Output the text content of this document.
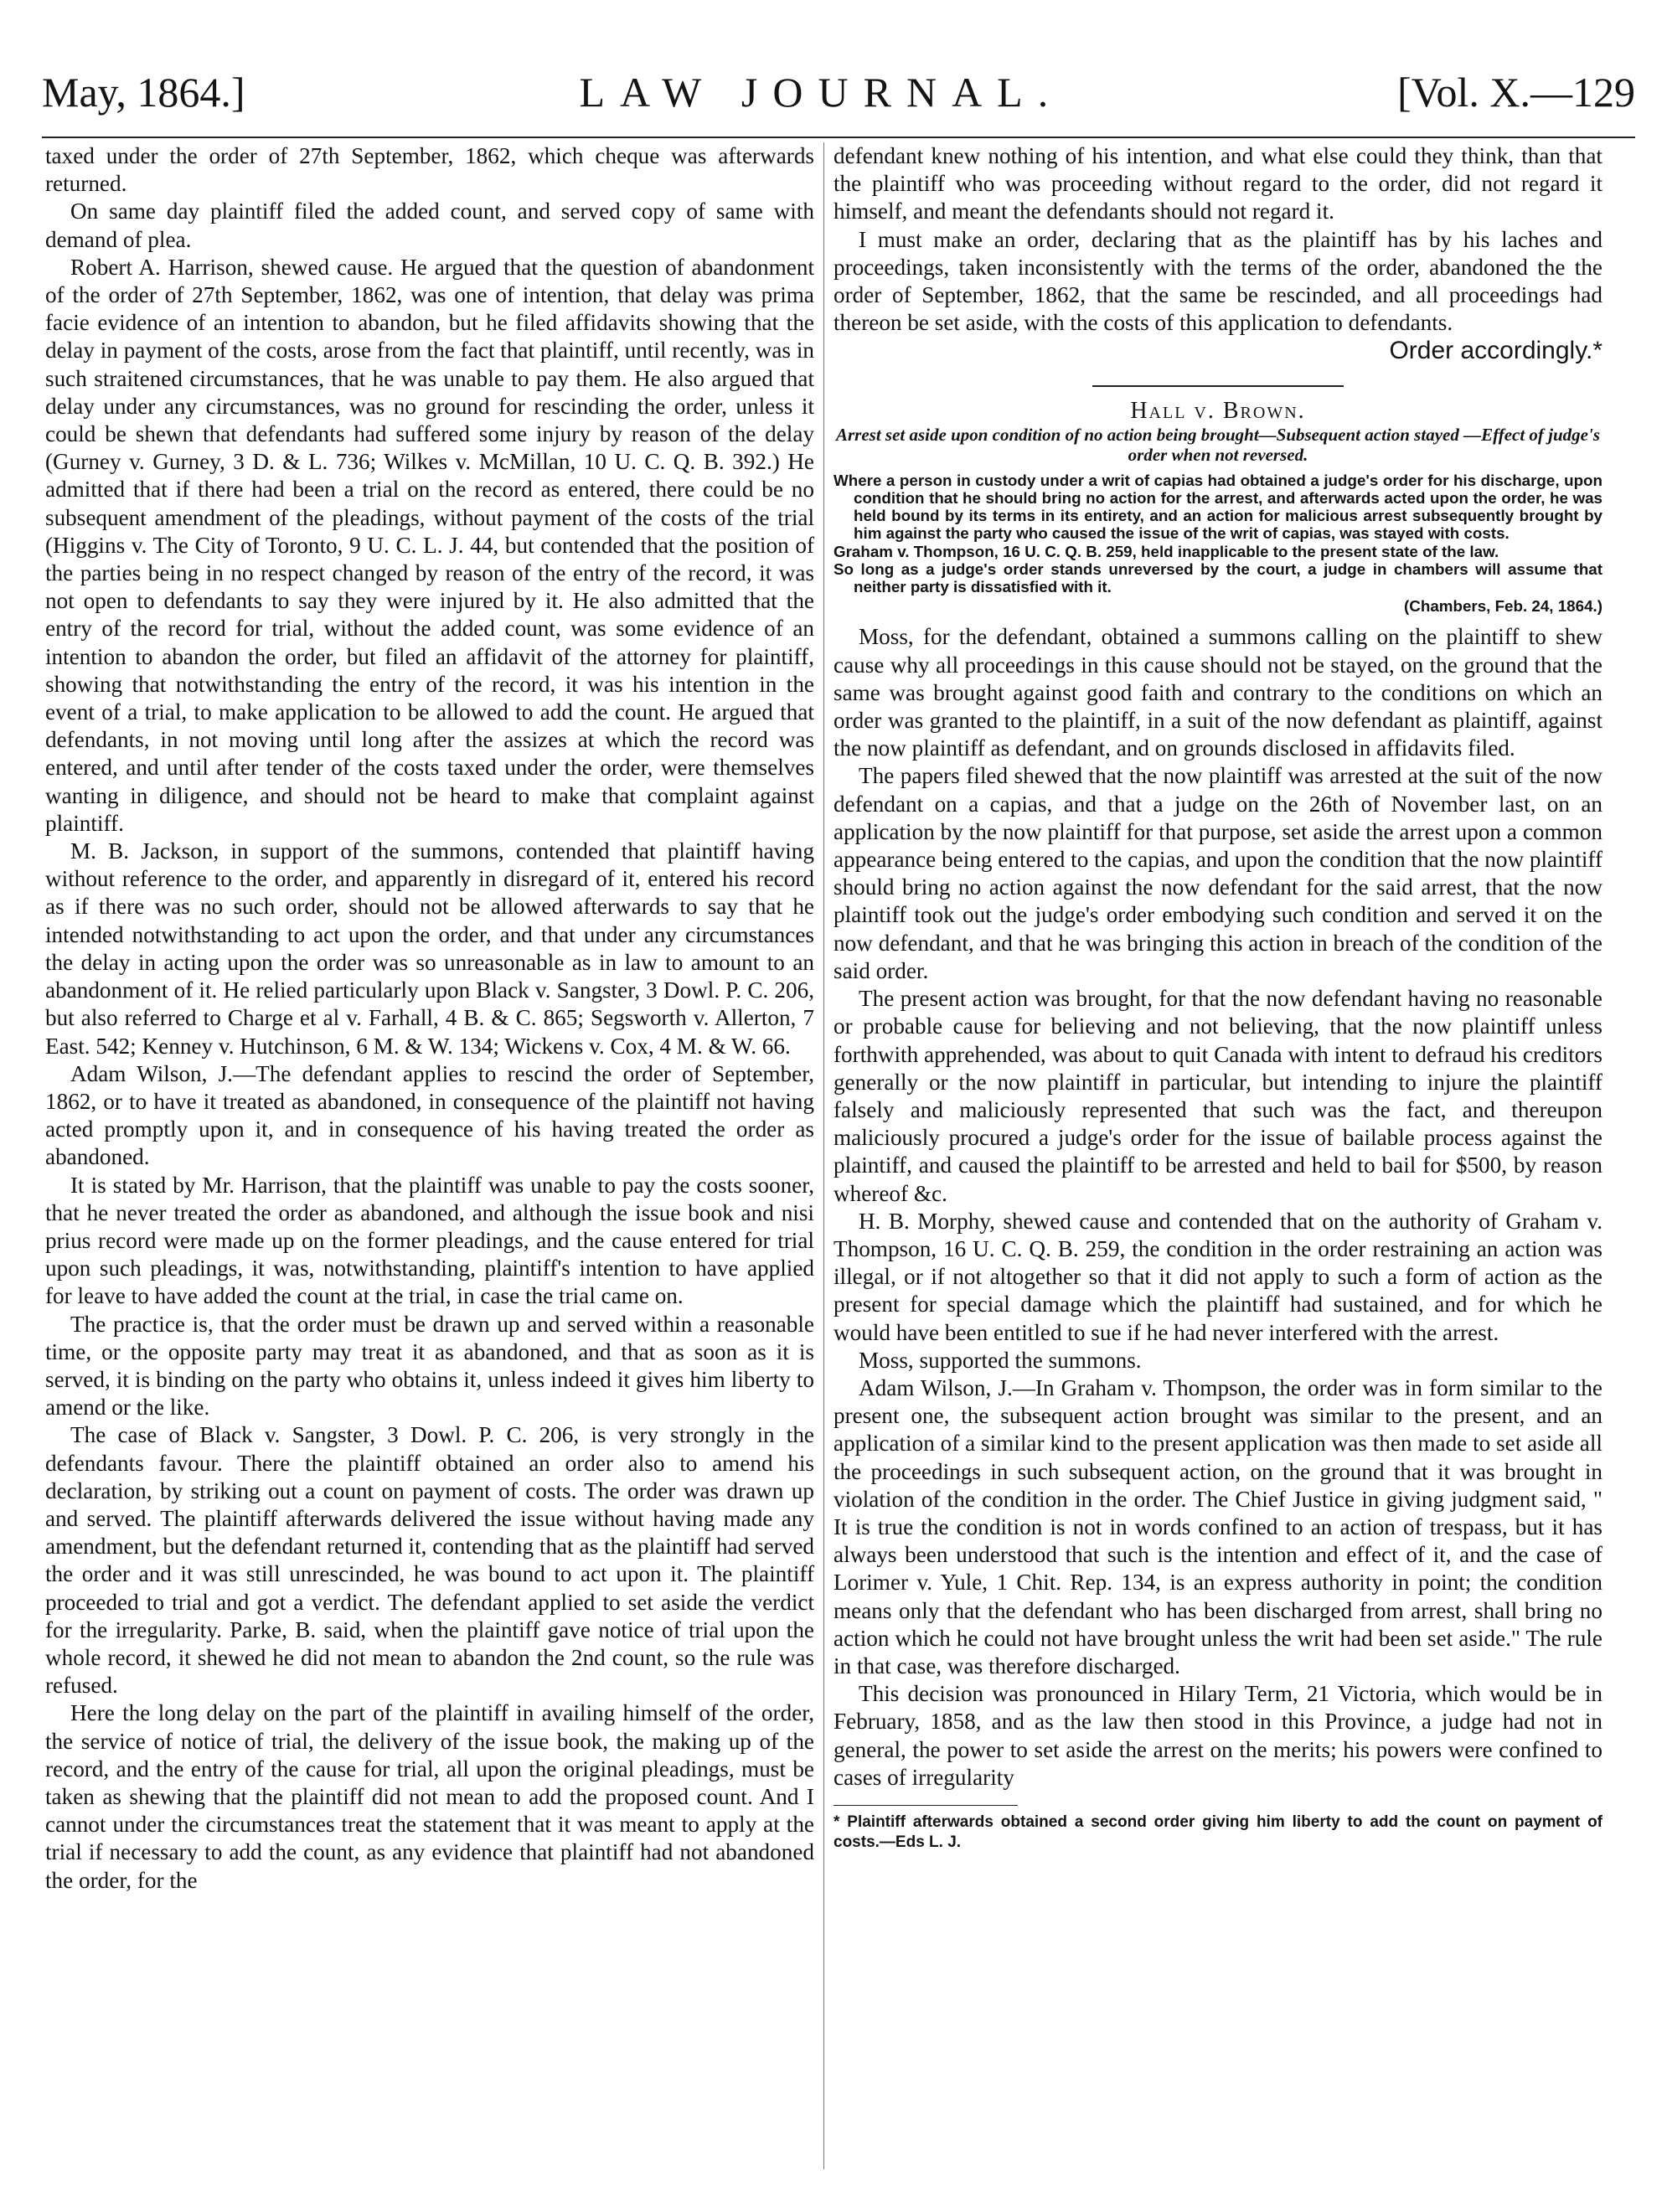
May, 1864.]	LAW JOURNAL.	[Vol. X.—129

taxed under the order of 27th September, 1862, which cheque was afterwards returned.

On same day plaintiff filed the added count, and served copy of same with demand of plea.

Robert A. Harrison, shewed cause. He argued that the question of abandonment of the order of 27th September, 1862, was one of intention, that delay was prima facie evidence of an intention to abandon, but he filed affidavits showing that the delay in payment of the costs, arose from the fact that plaintiff, until recently, was in such straitened circumstances, that he was unable to pay them. He also argued that delay under any circumstances, was no ground for rescinding the order, unless it could be shewn that defendants had suffered some injury by reason of the delay (Gurney v. Gurney, 3 D. & L. 736; Wilkes v. McMillan, 10 U. C. Q. B. 392.) He admitted that if there had been a trial on the record as entered, there could be no subsequent amendment of the pleadings, without payment of the costs of the trial (Higgins v. The City of Toronto, 9 U. C. L. J. 44, but contended that the position of the parties being in no respect changed by reason of the entry of the record, it was not open to defendants to say they were injured by it. He also admitted that the entry of the record for trial, without the added count, was some evidence of an intention to abandon the order, but filed an affidavit of the attorney for plaintiff, showing that notwithstanding the entry of the record, it was his intention in the event of a trial, to make application to be allowed to add the count. He argued that defendants, in not moving until long after the assizes at which the record was entered, and until after tender of the costs taxed under the order, were themselves wanting in diligence, and should not be heard to make that complaint against plaintiff.

M. B. Jackson, in support of the summons, contended that plaintiff having without reference to the order, and apparently in disregard of it, entered his record as if there was no such order, should not be allowed afterwards to say that he intended notwithstanding to act upon the order, and that under any circumstances the delay in acting upon the order was so unreasonable as in law to amount to an abandonment of it. He relied particularly upon Black v. Sangster, 3 Dowl. P. C. 206, but also referred to Charge et al v. Farhall, 4 B. & C. 865; Segsworth v. Allerton, 7 East. 542; Kenney v. Hutchinson, 6 M. & W. 134; Wickens v. Cox, 4 M. & W. 66.

Adam Wilson, J.—The defendant applies to rescind the order of September, 1862, or to have it treated as abandoned, in consequence of the plaintiff not having acted promptly upon it, and in consequence of his having treated the order as abandoned.

It is stated by Mr. Harrison, that the plaintiff was unable to pay the costs sooner, that he never treated the order as abandoned, and although the issue book and nisi prius record were made up on the former pleadings, and the cause entered for trial upon such pleadings, it was, notwithstanding, plaintiff's intention to have applied for leave to have added the count at the trial, in case the trial came on.

The practice is, that the order must be drawn up and served within a reasonable time, or the opposite party may treat it as abandoned, and that as soon as it is served, it is binding on the party who obtains it, unless indeed it gives him liberty to amend or the like.

The case of Black v. Sangster, 3 Dowl. P. C. 206, is very strongly in the defendants favour. There the plaintiff obtained an order also to amend his declaration, by striking out a count on payment of costs. The order was drawn up and served. The plaintiff afterwards delivered the issue without having made any amendment, but the defendant returned it, contending that as the plaintiff had served the order and it was still unrescinded, he was bound to act upon it. The plaintiff proceeded to trial and got a verdict. The defendant applied to set aside the verdict for the irregularity. Parke, B. said, when the plaintiff gave notice of trial upon the whole record, it shewed he did not mean to abandon the 2nd count, so the rule was refused.

Here the long delay on the part of the plaintiff in availing himself of the order, the service of notice of trial, the delivery of the issue book, the making up of the record, and the entry of the cause for trial, all upon the original pleadings, must be taken as shewing that the plaintiff did not mean to add the proposed count. And I cannot under the circumstances treat the statement that it was meant to apply at the trial if necessary to add the count, as any evidence that plaintiff had not abandoned the order, for the

defendant knew nothing of his intention, and what else could they think, than that the plaintiff who was proceeding without regard to the order, did not regard it himself, and meant the defendants should not regard it.

I must make an order, declaring that as the plaintiff has by his laches and proceedings, taken inconsistently with the terms of the order, abandoned the the order of September, 1862, that the same be rescinded, and all proceedings had thereon be set aside, with the costs of this application to defendants.

Order accordingly.*

Hall v. Brown.

Arrest set aside upon condition of no action being brought—Subsequent action stayed —Effect of judge's order when not reversed.

Where a person in custody under a writ of capias had obtained a judge's order for his discharge, upon condition that he should bring no action for the arrest, and afterwards acted upon the order, he was held bound by its terms in its entirety, and an action for malicious arrest subsequently brought by him against the party who caused the issue of the writ of capias, was stayed with costs.

Graham v. Thompson, 16 U. C. Q. B. 259, held inapplicable to the present state of the law.

So long as a judge's order stands unreversed by the court, a judge in chambers will assume that neither party is dissatisfied with it.

(Chambers, Feb. 24, 1864.)

Moss, for the defendant, obtained a summons calling on the plaintiff to shew cause why all proceedings in this cause should not be stayed, on the ground that the same was brought against good faith and contrary to the conditions on which an order was granted to the plaintiff, in a suit of the now defendant as plaintiff, against the now plaintiff as defendant, and on grounds disclosed in affidavits filed.

The papers filed shewed that the now plaintiff was arrested at the suit of the now defendant on a capias, and that a judge on the 26th of November last, on an application by the now plaintiff for that purpose, set aside the arrest upon a common appearance being entered to the capias, and upon the condition that the now plaintiff should bring no action against the now defendant for the said arrest, that the now plaintiff took out the judge's order embodying such condition and served it on the now defendant, and that he was bringing this action in breach of the condition of the said order.

The present action was brought, for that the now defendant having no reasonable or probable cause for believing and not believing, that the now plaintiff unless forthwith apprehended, was about to quit Canada with intent to defraud his creditors generally or the now plaintiff in particular, but intending to injure the plaintiff falsely and maliciously represented that such was the fact, and thereupon maliciously procured a judge's order for the issue of bailable process against the plaintiff, and caused the plaintiff to be arrested and held to bail for $500, by reason whereof &c.

H. B. Morphy, shewed cause and contended that on the authority of Graham v. Thompson, 16 U. C. Q. B. 259, the condition in the order restraining an action was illegal, or if not altogether so that it did not apply to such a form of action as the present for special damage which the plaintiff had sustained, and for which he would have been entitled to sue if he had never interfered with the arrest.

Moss, supported the summons.

Adam Wilson, J.—In Graham v. Thompson, the order was in form similar to the present one, the subsequent action brought was similar to the present, and an application of a similar kind to the present application was then made to set aside all the proceedings in such subsequent action, on the ground that it was brought in violation of the condition in the order. The Chief Justice in giving judgment said, " It is true the condition is not in words confined to an action of trespass, but it has always been understood that such is the intention and effect of it, and the case of Lorimer v. Yule, 1 Chit. Rep. 134, is an express authority in point; the condition means only that the defendant who has been discharged from arrest, shall bring no action which he could not have brought unless the writ had been set aside." The rule in that case, was therefore discharged.

This decision was pronounced in Hilary Term, 21 Victoria, which would be in February, 1858, and as the law then stood in this Province, a judge had not in general, the power to set aside the arrest on the merits; his powers were confined to cases of irregularity

* Plaintiff afterwards obtained a second order giving him liberty to add the count on payment of costs.—Eds L. J.
